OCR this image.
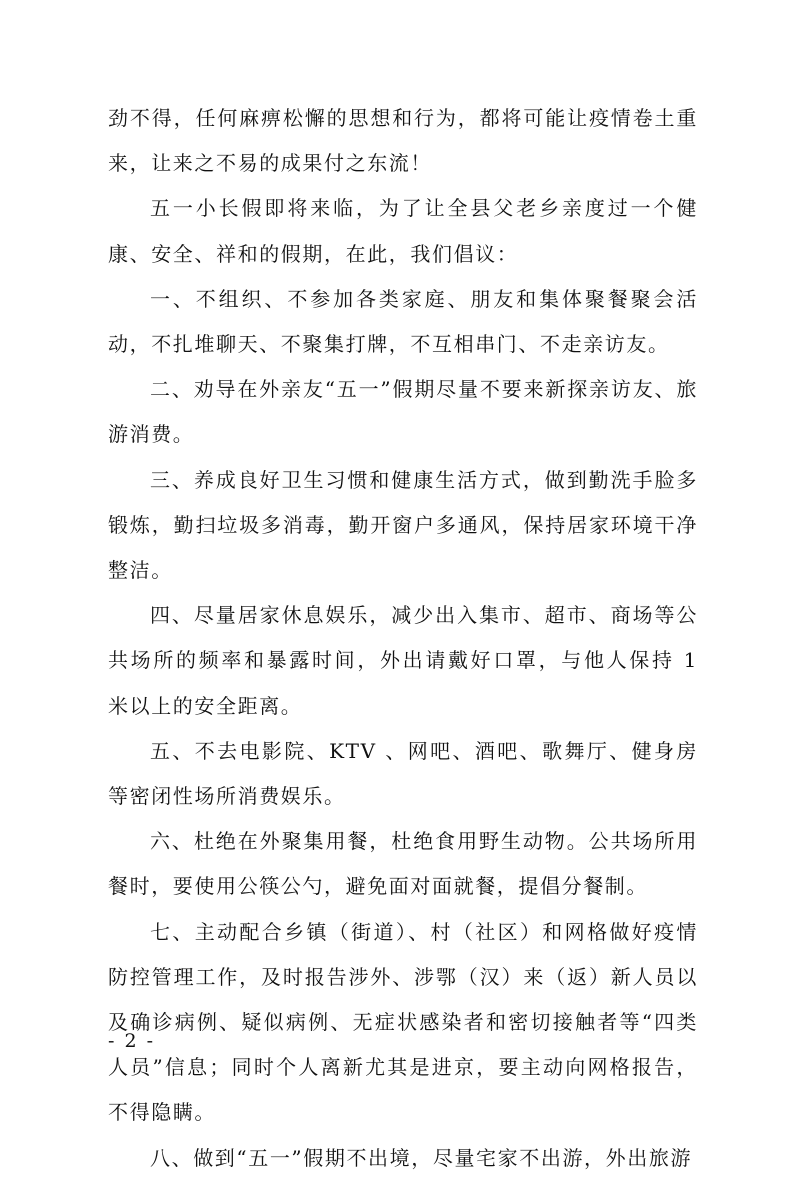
劲不得，任何麻痹松懈的思想和行为，都将可能让疫情卷土重来，让来之不易的成果付之东流！

五一小长假即将来临，为了让全县父老乡亲度过一个健康、安全、祥和的假期，在此，我们倡议：

一、不组织、不参加各类家庭、朋友和集体聚餐聚会活动，不扎堆聊天、不聚集打牌，不互相串门、不走亲访友。

二、劝导在外亲友“五一”假期尽量不要来新探亲访友、旅游消费。

三、养成良好卫生习惯和健康生活方式，做到勤洗手脸多锻炼，勤扫垃圾多消毒，勤开窗户多通风，保持居家环境干净整洁。

四、尽量居家休息娱乐，减少出入集市、超市、商场等公共场所的频率和暴露时间，外出请戴好口罩，与他人保持 1 米以上的安全距离。

五、不去电影院、KTV 、网吧、酒吧、歌舞厅、健身房等密闭性场所消费娱乐。

六、杜绝在外聚集用餐，杜绝食用野生动物。公共场所用餐时，要使用公筷公勺，避免面对面就餐，提倡分餐制。

七、主动配合乡镇（街道）、村（社区）和网格做好疫情防控管理工作，及时报告涉外、涉鄂（汉）来（返）新人员以及确诊病例、疑似病例、无症状感染者和密切接触者等“四类人员”信息；同时个人离新尤其是进京，要主动向网格报告，不得隐瞒。

八、做到“五一”假期不出境，尽量宅家不出游，外出旅游

- 2 -
